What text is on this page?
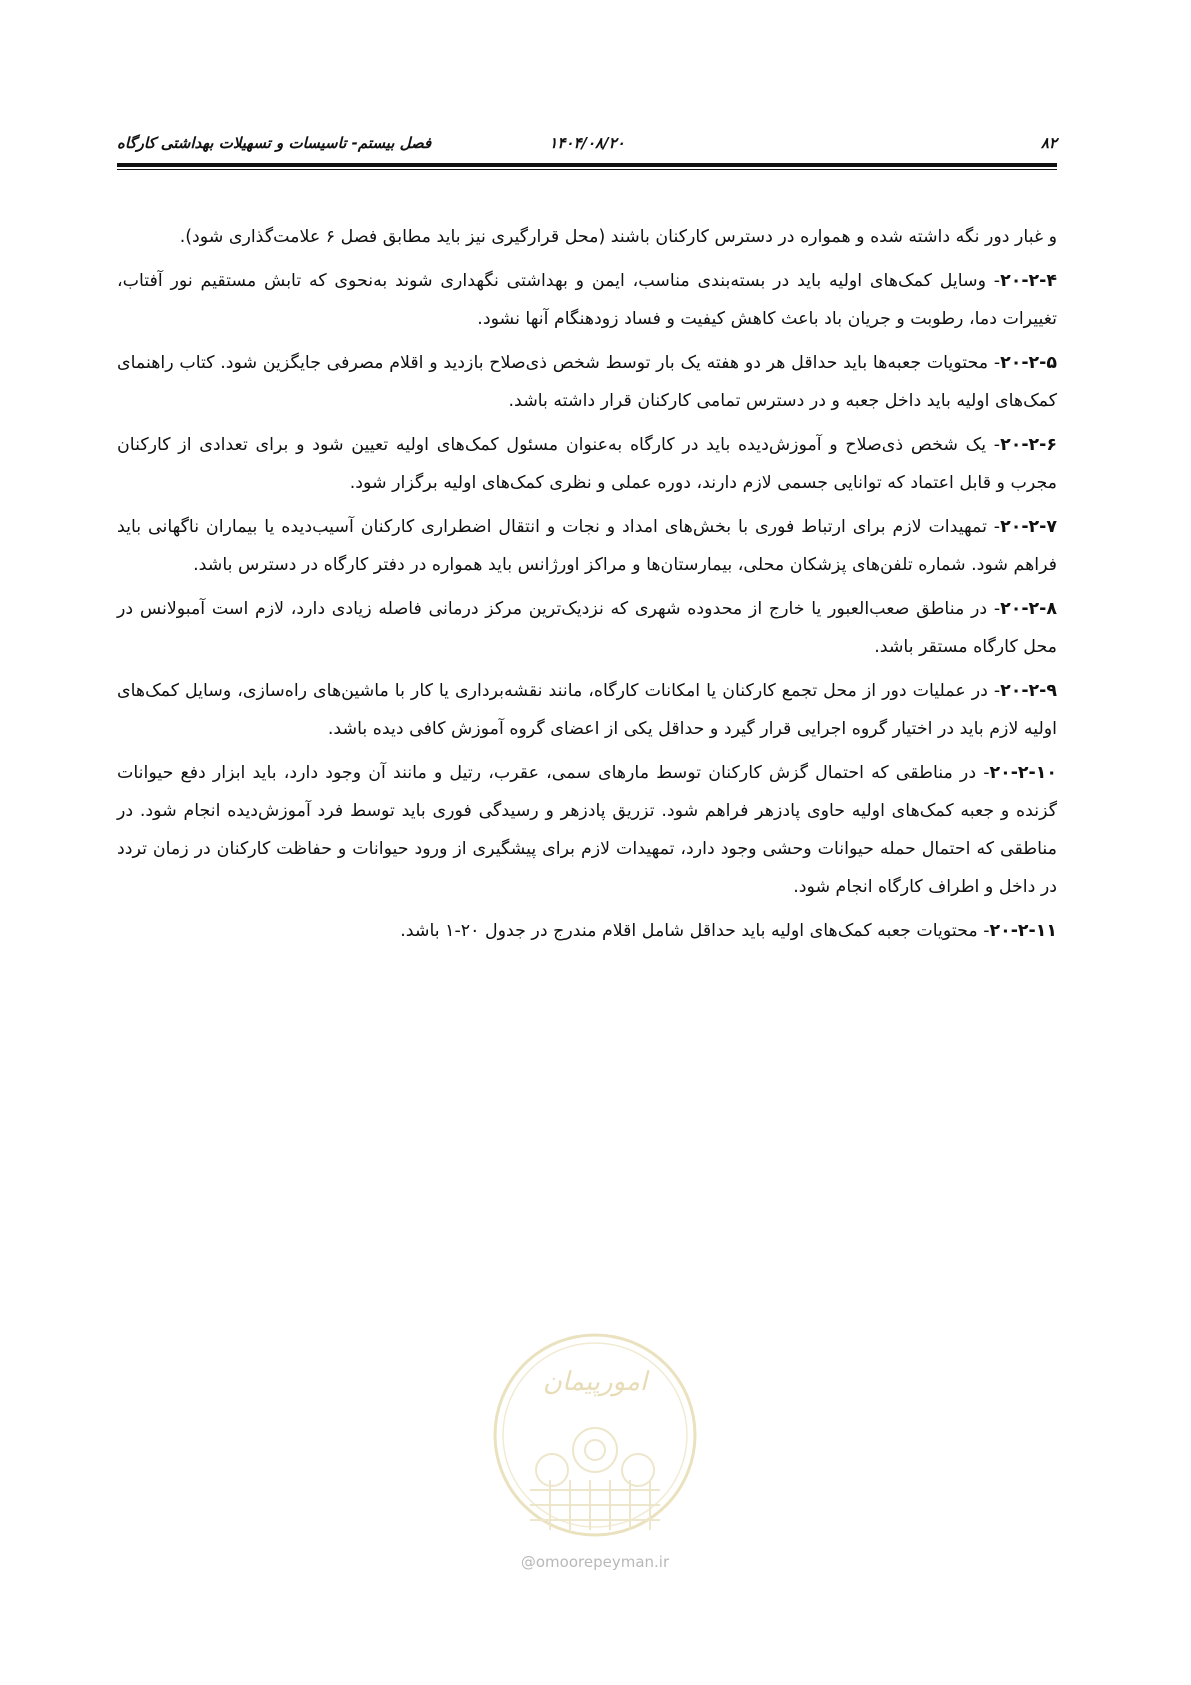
۸۲
۱۴۰۴/۰۸/۲۰
فصل بیستم- تاسیسات و تسهیلات بهداشتی کارگاه

و غبار دور نگه داشته شده و همواره در دسترس کارکنان باشند (محل قرارگیری نیز باید مطابق فصل ۶ علامت‌گذاری شود).

۲۰-۲-۴- وسایل کمک‌های اولیه باید در بسته‌بندی مناسب، ایمن و بهداشتی نگهداری شوند به‌نحوی که تابش مستقیم نور آفتاب، تغییرات دما، رطوبت و جریان باد باعث کاهش کیفیت و فساد زودهنگام آنها نشود.

۲۰-۲-۵- محتویات جعبه‌ها باید حداقل هر دو هفته یک بار توسط شخص ذی‌صلاح بازدید و اقلام مصرفی جایگزین شود. کتاب راهنمای کمک‌های اولیه باید داخل جعبه و در دسترس تمامی کارکنان قرار داشته باشد.

۲۰-۲-۶- یک شخص ذی‌صلاح و آموزش‌دیده باید در کارگاه به‌عنوان مسئول کمک‌های اولیه تعیین شود و برای تعدادی از کارکنان مجرب و قابل اعتماد که توانایی جسمی لازم دارند، دوره عملی و نظری کمک‌های اولیه برگزار شود.

۲۰-۲-۷- تمهیدات لازم برای ارتباط فوری با بخش‌های امداد و نجات و انتقال اضطراری کارکنان آسیب‌دیده یا بیماران ناگهانی باید فراهم شود. شماره تلفن‌های پزشکان محلی، بیمارستان‌ها و مراکز اورژانس باید همواره در دفتر کارگاه در دسترس باشد.

۲۰-۲-۸- در مناطق صعب‌العبور یا خارج از محدوده شهری که نزدیک‌ترین مرکز درمانی فاصله زیادی دارد، لازم است آمبولانس در محل کارگاه مستقر باشد.

۲۰-۲-۹- در عملیات دور از محل تجمع کارکنان یا امکانات کارگاه، مانند نقشه‌برداری یا کار با ماشین‌های راه‌سازی، وسایل کمک‌های اولیه لازم باید در اختیار گروه اجرایی قرار گیرد و حداقل یکی از اعضای گروه آموزش کافی دیده باشد.

۲۰-۲-۱۰- در مناطقی که احتمال گزش کارکنان توسط مارهای سمی، عقرب، رتیل و مانند آن وجود دارد، باید ابزار دفع حیوانات گزنده و جعبه کمک‌های اولیه حاوی پادزهر فراهم شود. تزریق پادزهر و رسیدگی فوری باید توسط فرد آموزش‌دیده انجام شود. در مناطقی که احتمال حمله حیوانات وحشی وجود دارد، تمهیدات لازم برای پیشگیری از ورود حیوانات و حفاظت کارکنان در زمان تردد در داخل و اطراف کارگاه انجام شود.

۲۰-۲-۱۱- محتویات جعبه کمک‌های اولیه باید حداقل شامل اقلام مندرج در جدول ۲۰-۱ باشد.

امورپیمان
@omoorepeyman.ir
